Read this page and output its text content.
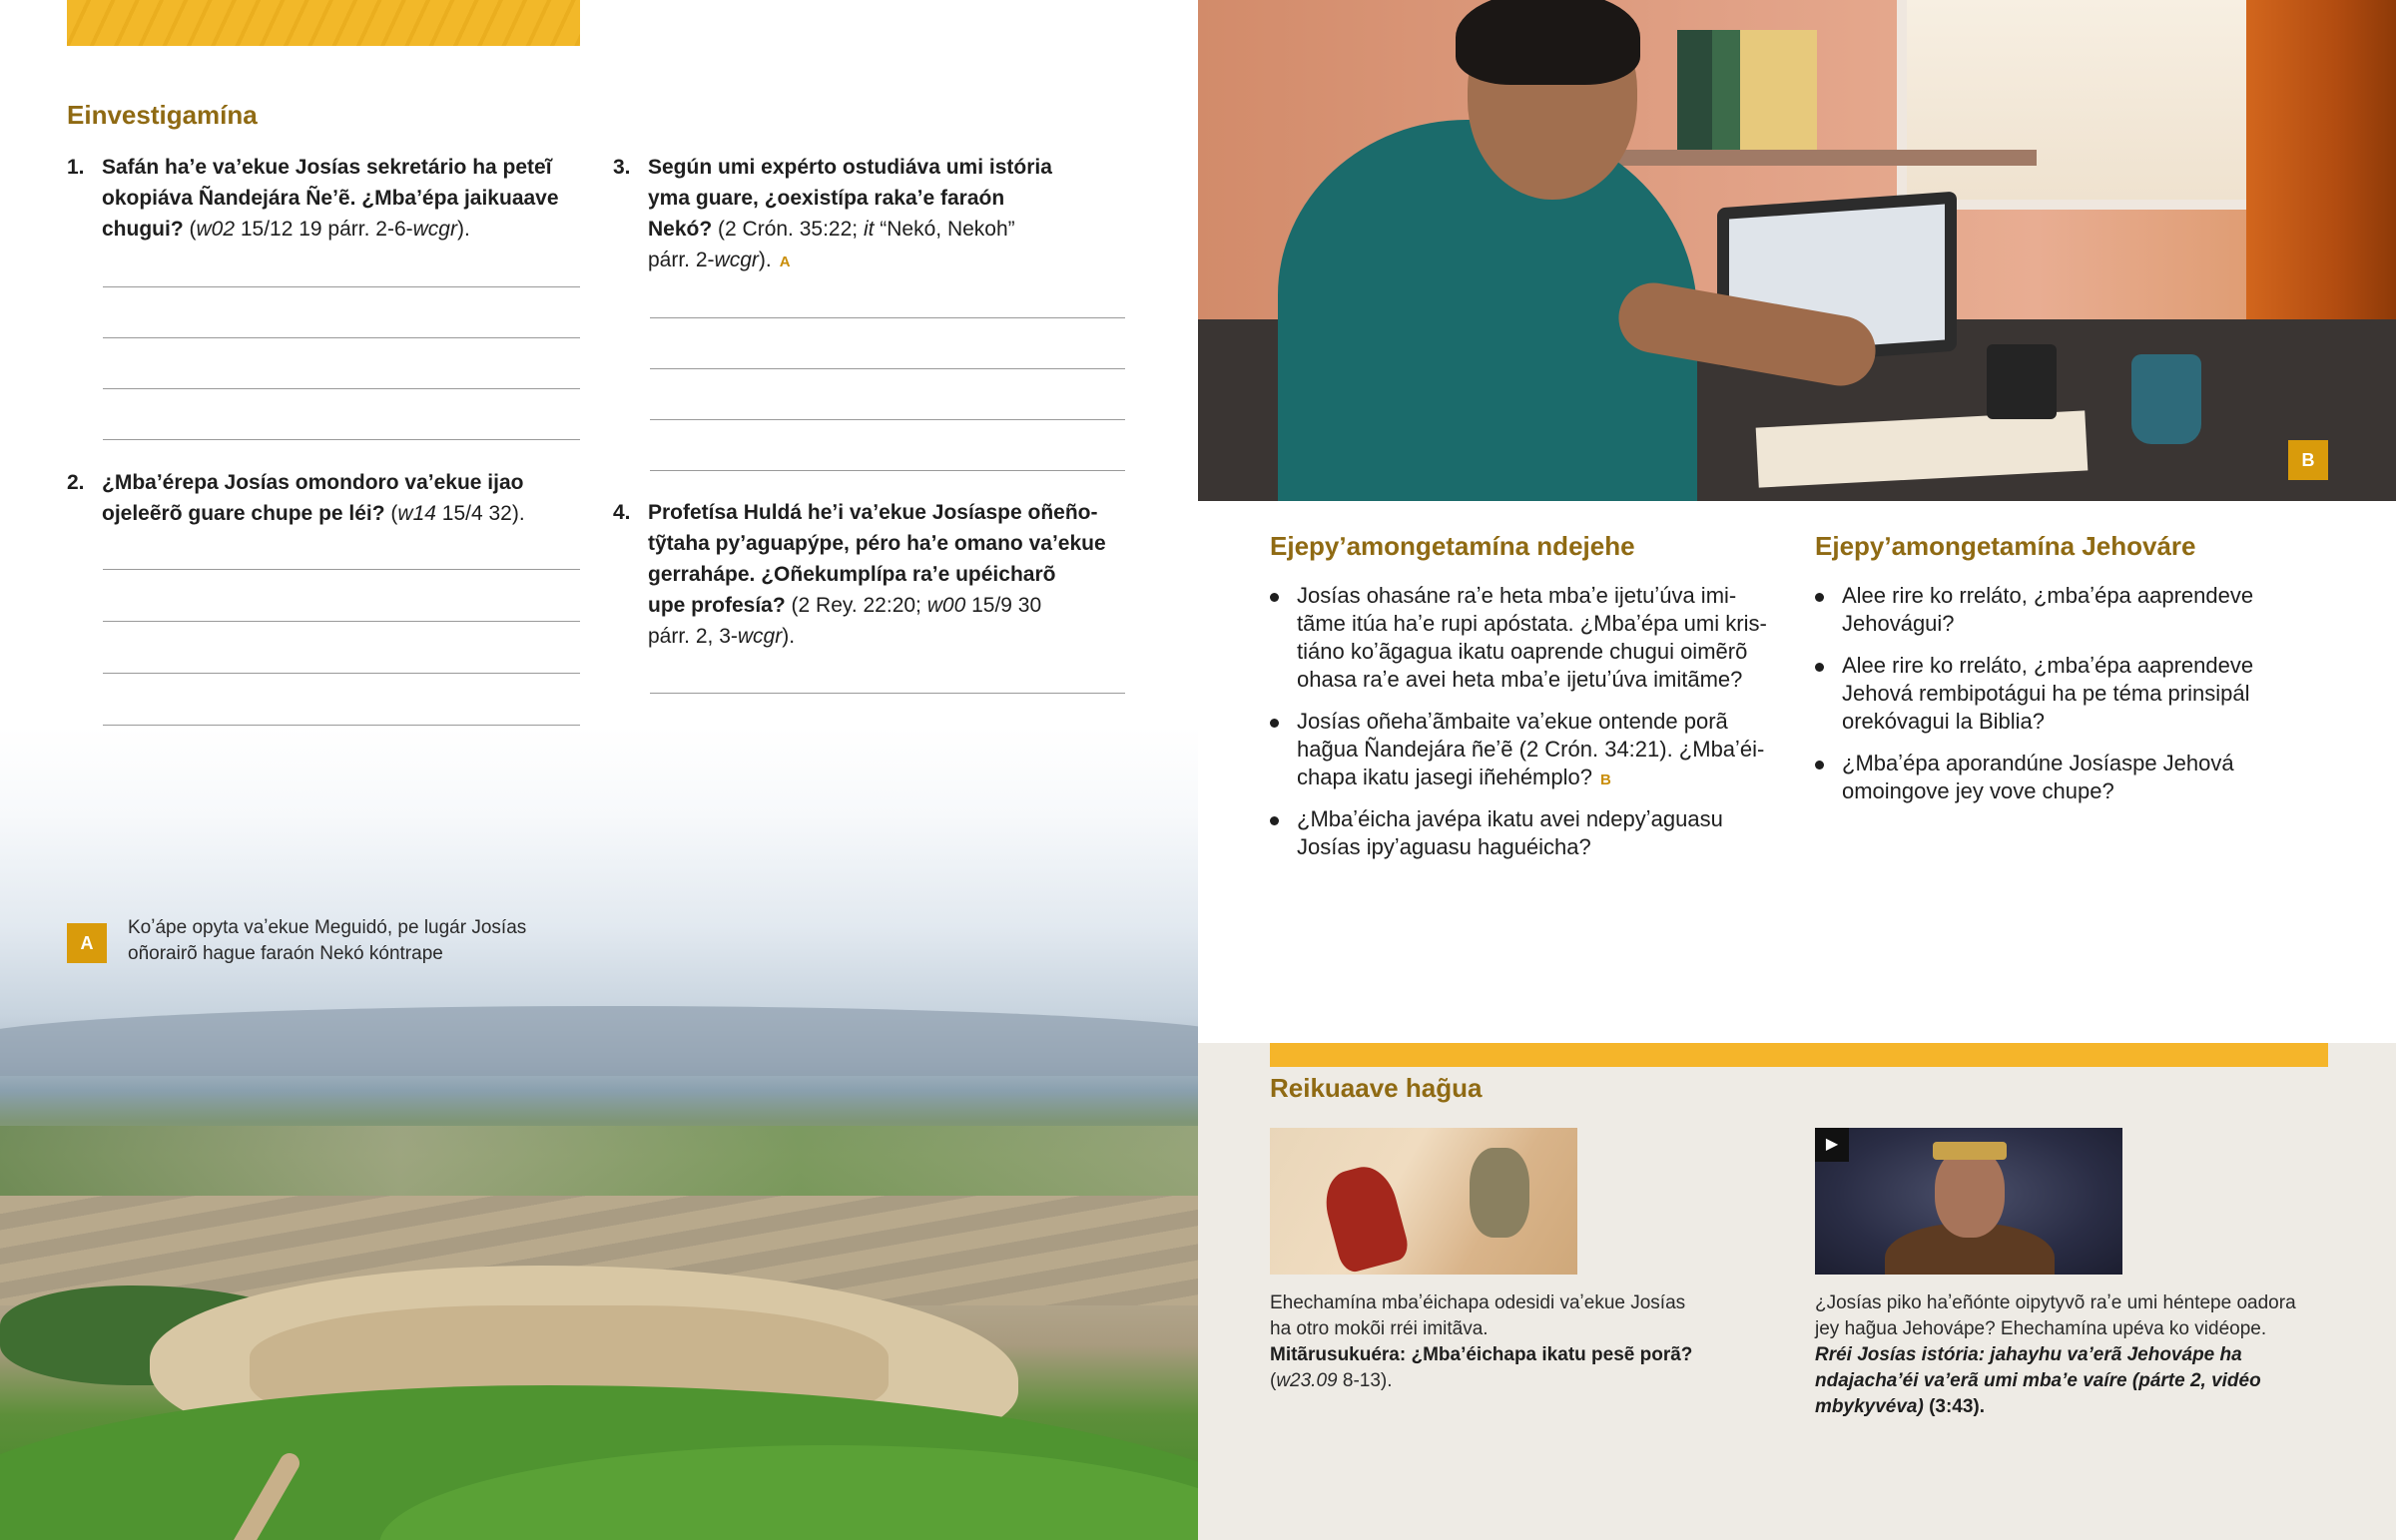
Einvestigamína
1. Safán haʼe vaʼekue Josías sekretário ha peteĩ
okopiáva Ñandejára Ñeʼẽ. ¿Mbaʼépa jaikuaave
chugui? (w02 15/12 19 párr. 2-6-wcgr).
2. ¿Mbaʼérepa Josías omondoro vaʼekue ijao
ojeleẽrõ guare chupe pe léi? (w14 15/4 32).
3. Según umi expérto ostudiáva umi istória
yma guare, ¿oexistípa rakaʼe faraón
Nekó? (2 Crón. 35:22; it “Nekó, Nekoh”
párr. 2-wcgr). A
4. Profetísa Huldá heʼi vaʼekue Josíaspe oñeño-
tỹtaha pyʼaguapýpe, péro haʼe omano vaʼekue
gerrahápe. ¿Oñekumplípa raʼe upéicharõ
upe profesía? (2 Rey. 22:20; w00 15/9 30
párr. 2, 3-wcgr).
A
Koʼápe opyta vaʼekue Meguidó, pe lugár Josías
oñorairõ hague faraón Nekó kóntrape
B
Ejepyʼamongetamína ndejehe
Josías ohasáne raʼe heta mbaʼe ijetuʼúva imi-
tãme itúa haʼe rupi apóstata. ¿Mbaʼépa umi kris-
tiáno koʼãgagua ikatu oaprende chugui oimẽrõ
ohasa raʼe avei heta mbaʼe ijetuʼúva imitãme?
Josías oñehaʼãmbaite vaʼekue ontende porã
hag̃ua Ñandejára ñeʼẽ (2 Crón. 34:21). ¿Mbaʼéi-
chapa ikatu jasegi iñehémplo? B
¿Mbaʼéicha javépa ikatu avei ndepyʼaguasu
Josías ipyʼaguasu haguéicha?
Ejepyʼamongetamína Jehováre
Alee rire ko rreláto, ¿mbaʼépa aaprendeve
Jehovágui?
Alee rire ko rreláto, ¿mbaʼépa aaprendeve
Jehová rembipotágui ha pe téma prinsipál
orekóvagui la Biblia?
¿Mbaʼépa aporandúne Josíaspe Jehová
omoingove jey vove chupe?
Reikuaave hag̃ua
Ehechamína mbaʼéichapa odesidi vaʼekue Josías
ha otro mokõi rréi imitãva.
Mitãrusukuéra: ¿Mbaʼéichapa ikatu pesẽ porã?
(w23.09 8-13).
▶
¿Josías piko haʼeñónte oipytyvõ raʼe umi héntepe oadora
jey hag̃ua Jehovápe? Ehechamína upéva ko vidéope.
Rréi Josías istória: jahayhu vaʼerã Jehovápe ha
ndajachaʼéi vaʼerã umi mbaʼe vaíre (párte 2, vidéo
mbykyvéva) (3:43).
